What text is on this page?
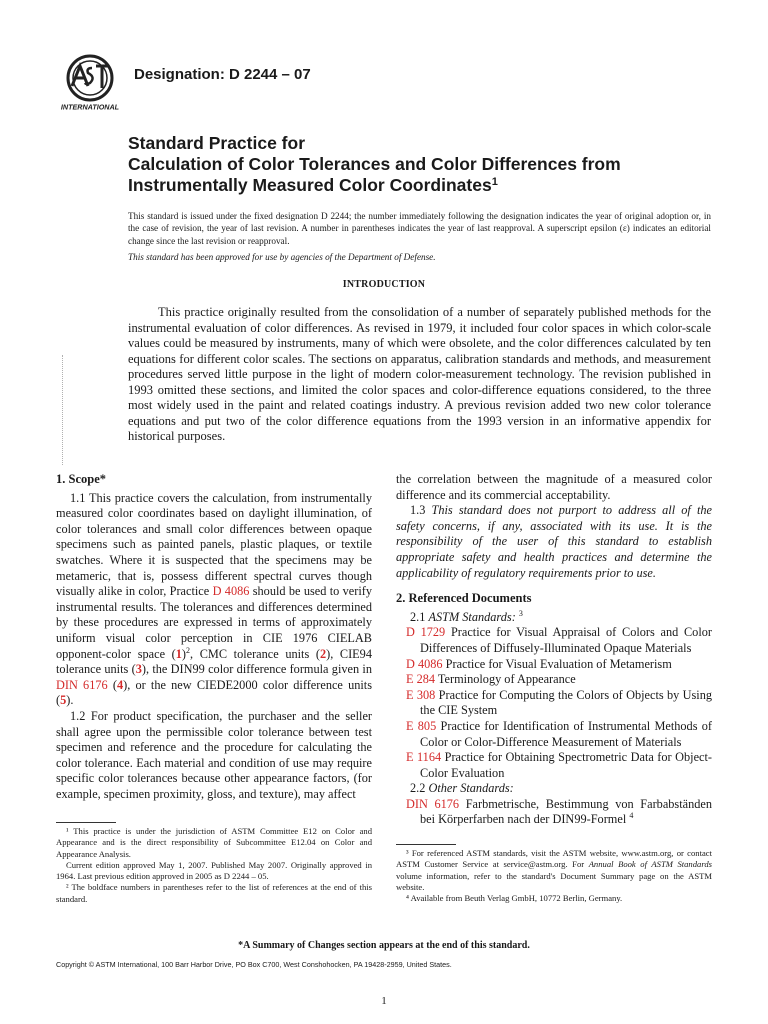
INTERNATIONAL
Designation: D 2244 – 07
Standard Practice for
Calculation of Color Tolerances and Color Differences from
Instrumentally Measured Color Coordinates$^1$
This standard is issued under the fixed designation D 2244; the number immediately following the designation indicates the year of original adoption or, in the case of revision, the year of last revision. A number in parentheses indicates the year of last reapproval. A superscript epsilon (ε) indicates an editorial change since the last revision or reapproval.
This standard has been approved for use by agencies of the Department of Defense.
INTRODUCTION
This practice originally resulted from the consolidation of a number of separately published methods for the instrumental evaluation of color differences. As revised in 1979, it included four color spaces in which color-scale values could be measured by instruments, many of which were obsolete, and the color differences calculated by ten equations for different color scales. The sections on apparatus, calibration standards and methods, and measurement procedures served little purpose in the light of modern color-measurement technology. The revision published in 1993 omitted these sections, and limited the color spaces and color-difference equations considered, to the three most widely used in the paint and related coatings industry. A previous revision added two new color tolerance equations and put two of the color difference equations from the 1993 version in an informative appendix for historical purposes.
1. Scope*

1.1 This practice covers the calculation, from instrumentally measured color coordinates based on daylight illumination, of color tolerances and small color differences between opaque specimens such as painted panels, plastic plaques, or textile swatches. Where it is suspected that the specimens may be metameric, that is, possess different spectral curves though visually alike in color, Practice D 4086 should be used to verify instrumental results. The tolerances and differences determined by these procedures are expressed in terms of approximately uniform visual color perception in CIE 1976 CIELAB opponent-color space $(1)^2$, CMC tolerance units (2), CIE94 tolerance units (3), the DIN99 color difference formula given in DIN 6176 (4), or the new CIEDE2000 color difference units (5).

1.2 For product specification, the purchaser and the seller shall agree upon the permissible color tolerance between test specimen and reference and the procedure for calculating the color tolerance. Each material and condition of use may require specific color tolerances because other appearance factors, (for example, specimen proximity, gloss, and texture), may affect

the correlation between the magnitude of a measured color difference and its commercial acceptability.

1.3 This standard does not purport to address all of the safety concerns, if any, associated with its use. It is the responsibility of the user of this standard to establish appropriate safety and health practices and determine the applicability of regulatory requirements prior to use.

2. Referenced Documents

2.1 ASTM Standards: $^3$

D 1729 Practice for Visual Appraisal of Colors and Color Differences of Diffusely-Illuminated Opaque Materials

D 4086 Practice for Visual Evaluation of Metamerism

E 284 Terminology of Appearance

E 308 Practice for Computing the Colors of Objects by Using the CIE System

E 805 Practice for Identification of Instrumental Methods of Color or Color-Difference Measurement of Materials

E 1164 Practice for Obtaining Spectrometric Data for Object-Color Evaluation

2.2 Other Standards:

DIN 6176 Farbmetrische, Bestimmung von Farbabständen bei Körperfarben nach der DIN99-Formel $^4$

¹ This practice is under the jurisdiction of ASTM Committee E12 on Color and Appearance and is the direct responsibility of Subcommittee E12.04 on Color and Appearance Analysis.

Current edition approved May 1, 2007. Published May 2007. Originally approved in 1964. Last previous edition approved in 2005 as D 2244 – 05.

² The boldface numbers in parentheses refer to the list of references at the end of this standard.

³ For referenced ASTM standards, visit the ASTM website, www.astm.org, or contact ASTM Customer Service at service@astm.org. For Annual Book of ASTM Standards volume information, refer to the standard's Document Summary page on the ASTM website.

⁴ Available from Beuth Verlag GmbH, 10772 Berlin, Germany.

*A Summary of Changes section appears at the end of this standard.
Copyright © ASTM International, 100 Barr Harbor Drive, PO Box C700, West Conshohocken, PA 19428-2959, United States.
1
